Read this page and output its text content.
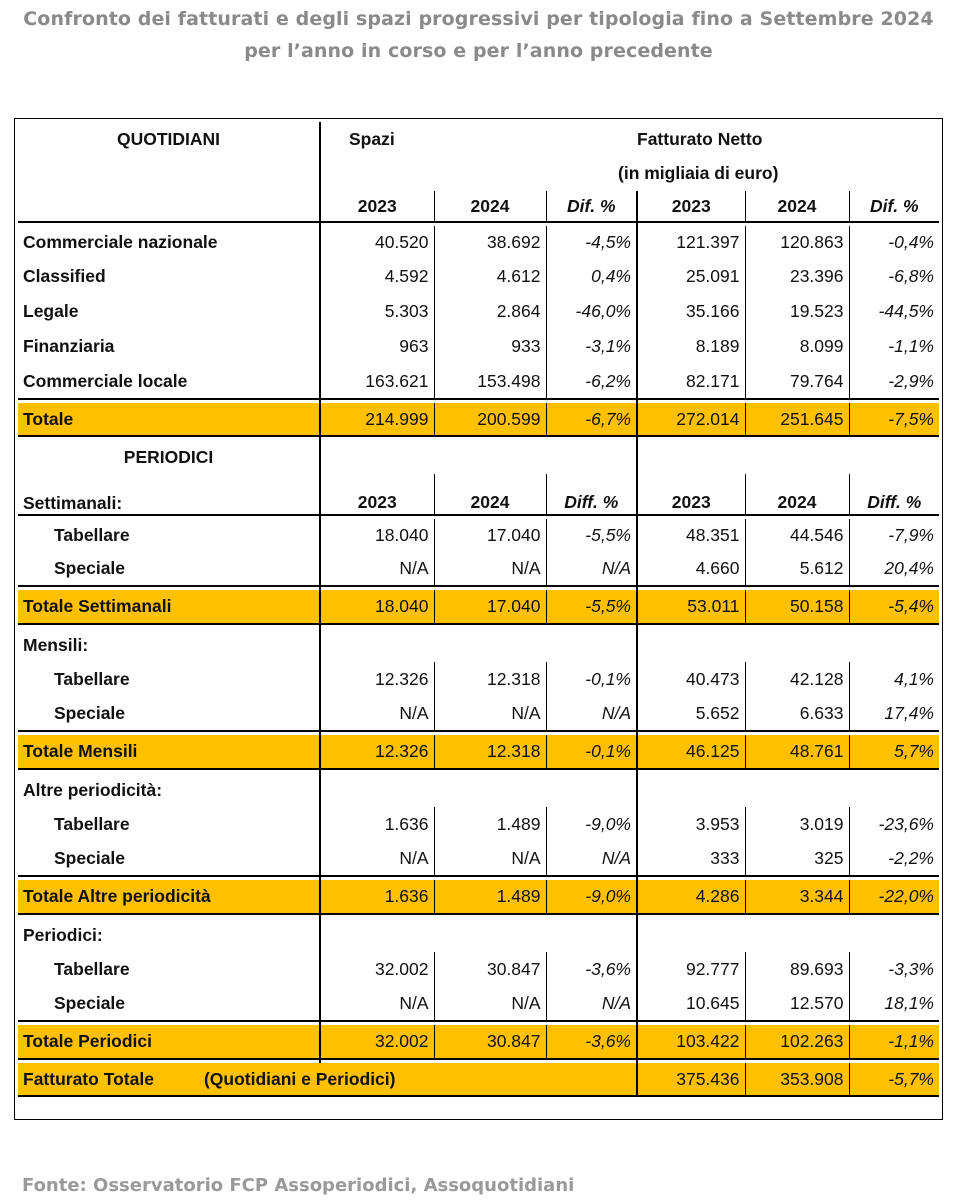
Confronto dei fatturati e degli spazi progressivi per tipologia fino a Settembre 2024
per l’anno in corso e per l’anno precedente
QUOTIDIANI	Spazi			Fatturato Netto		
				(in migliaia di euro)		
	2023	2024	Dif. %	2023	2024	Dif. %

Commerciale nazionale	40.520	38.692	-4,5%	121.397	120.863	-0,4%
Classified	4.592	4.612	0,4%	25.091	23.396	-6,8%
Legale	5.303	2.864	-46,0%	35.166	19.523	-44,5%
Finanziaria	963	933	-3,1%	8.189	8.099	-1,1%
Commerciale locale	163.621	153.498	-6,2%	82.171	79.764	-2,9%

Totale	214.999	200.599	-6,7%	272.014	251.645	-7,5%

PERIODICI						
Settimanali:	2023	2024	Diff. %	2023	2024	Diff. %

Tabellare	18.040	17.040	-5,5%	48.351	44.546	-7,9%
Speciale	N/A	N/A	N/A	4.660	5.612	20,4%

Totale Settimanali	18.040	17.040	-5,5%	53.011	50.158	-5,4%

Mensili:						
Tabellare	12.326	12.318	-0,1%	40.473	42.128	4,1%
Speciale	N/A	N/A	N/A	5.652	6.633	17,4%

Totale Mensili	12.326	12.318	-0,1%	46.125	48.761	5,7%

Altre periodicità:						
Tabellare	1.636	1.489	-9,0%	3.953	3.019	-23,6%
Speciale	N/A	N/A	N/A	333	325	-2,2%

Totale Altre periodicità	1.636	1.489	-9,0%	4.286	3.344	-22,0%

Periodici:						
Tabellare	32.002	30.847	-3,6%	92.777	89.693	-3,3%
Speciale	N/A	N/A	N/A	10.645	12.570	18,1%

Totale Periodici	32.002	30.847	-3,6%	103.422	102.263	-1,1%

Fatturato Totale (Quotidiani e Periodici)				375.436	353.908	-5,7%

Fonte: Osservatorio FCP Assoperiodici, Assoquotidiani
